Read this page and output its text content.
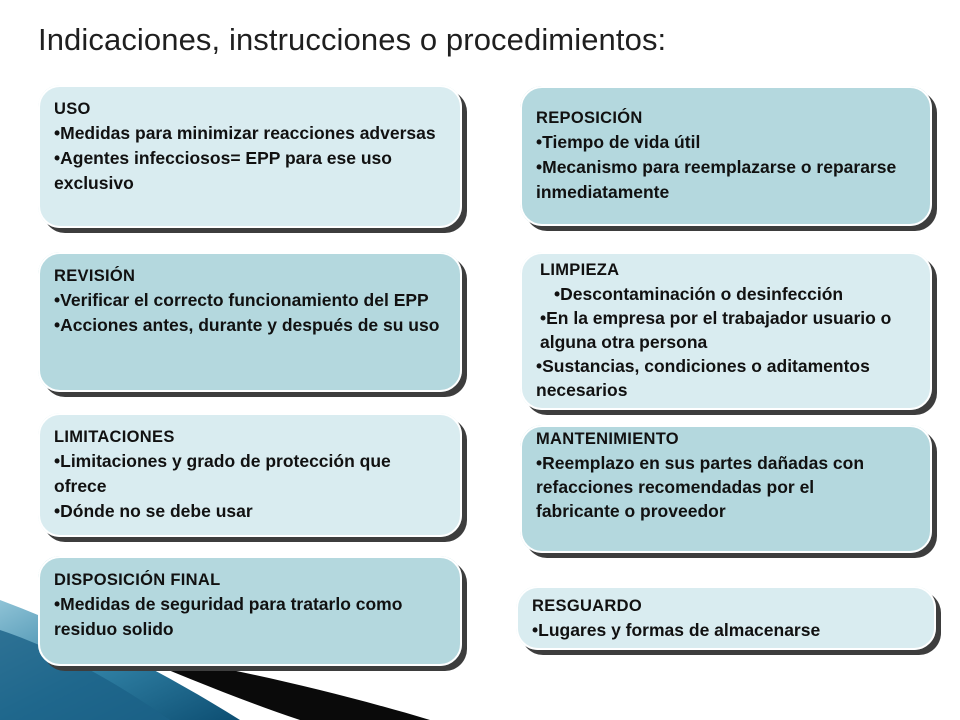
Indicaciones, instrucciones o procedimientos:
USO
•Medidas para minimizar reacciones adversas
•Agentes infecciosos= EPP para ese uso exclusivo
REVISIÓN
•Verificar el correcto funcionamiento del EPP
•Acciones antes, durante y después de su uso
LIMITACIONES
•Limitaciones y grado de protección que ofrece
•Dónde no se debe usar
DISPOSICIÓN FINAL
•Medidas de seguridad para tratarlo como residuo solido
REPOSICIÓN
•Tiempo de vida útil
•Mecanismo para reemplazarse o repararse inmediatamente
LIMPIEZA
•Descontaminación o desinfección
•En la empresa por el trabajador usuario o alguna otra persona
•Sustancias, condiciones o aditamentos necesarios
MANTENIMIENTO
•Reemplazo en sus partes dañadas con refacciones recomendadas por el
fabricante o proveedor
RESGUARDO
•Lugares y formas de almacenarse
